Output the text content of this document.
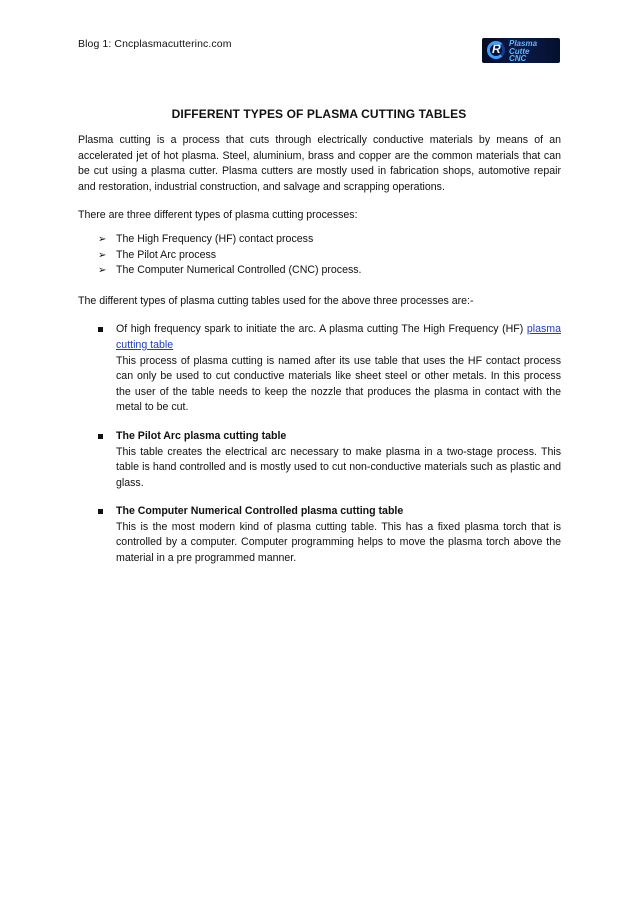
Blog 1: Cncplasmacutterinc.com	R Plasma
Cutte
CNC
DIFFERENT TYPES OF PLASMA CUTTING TABLES

Plasma cutting is a process that cuts through electrically conductive materials by means of an accelerated jet of hot plasma. Steel, aluminium, brass and copper are the common materials that can be cut using a plasma cutter. Plasma cutters are mostly used in fabrication shops, automotive repair and restoration, industrial construction, and salvage and scrapping operations.

There are three different types of plasma cutting processes:

➢ The High Frequency (HF) contact process
➢ The Pilot Arc process
➢ The Computer Numerical Controlled (CNC) process.

The different types of plasma cutting tables used for the above three processes are:-

Of high frequency spark to initiate the arc. A plasma cutting The High Frequency (HF) plasma cutting table
This process of plasma cutting is named after its use table that uses the HF contact process can only be used to cut conductive materials like sheet steel or other metals. In this process the user of the table needs to keep the nozzle that produces the plasma in contact with the metal to be cut.
The Pilot Arc plasma cutting table
This table creates the electrical arc necessary to make plasma in a two-stage process. This table is hand controlled and is mostly used to cut non-conductive materials such as plastic and glass.
The Computer Numerical Controlled plasma cutting table
This is the most modern kind of plasma cutting table. This has a fixed plasma torch that is controlled by a computer. Computer programming helps to move the plasma torch above the material in a pre programmed manner.
